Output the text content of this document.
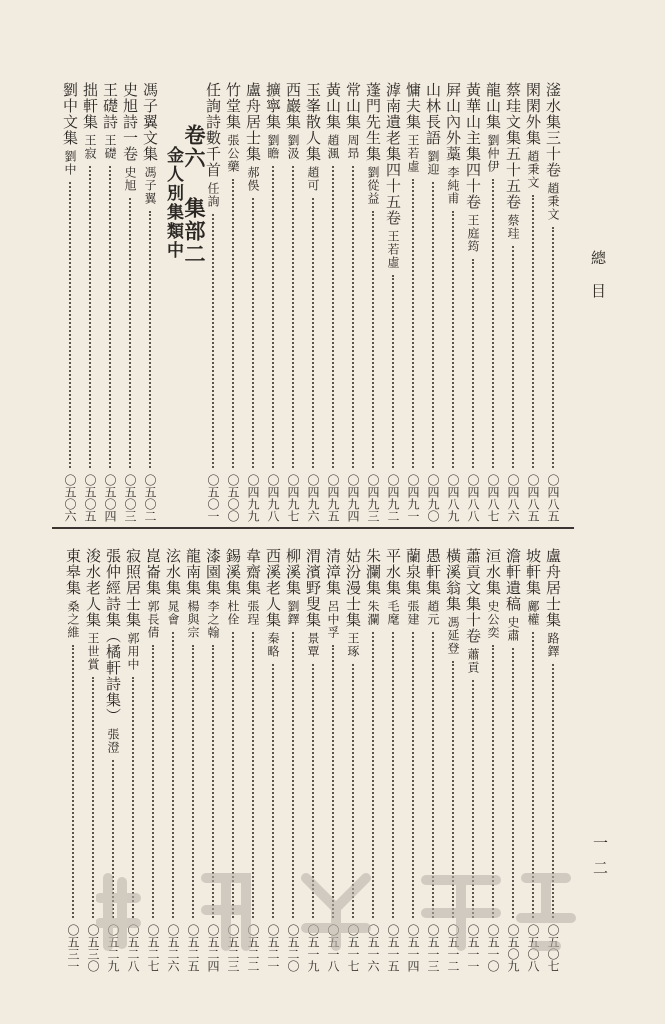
總目
一二
滏水集三十卷趙秉文
〇四八五
閑閑外集趙秉文
〇四八五
蔡珪文集五十五卷蔡珪
〇四八六
龍山集劉仲伊
〇四八七
黃華山主集四十卷王庭筠
〇四八八
屛山內外藁李純甫
〇四八九
山林長語劉迎
〇四九〇
慵夫集王若虛
〇四九一
滹南遺老集四十五卷王若虛
〇四九二
蓬門先生集劉從益
〇四九三
常山集周昻
〇四九四
黃山集趙渢
〇四九五
玉峯散人集趙可
〇四九六
西巖集劉汲
〇四九七
擴寧集劉瞻
〇四九八
盧舟居士集郝俁
〇四九九
竹堂集張公藥
〇五〇〇
任詢詩數千首任詢
〇五〇一
馮子翼文集馮子翼
〇五〇二
史旭詩一卷史旭
〇五〇三
王礎詩王礎
〇五〇四
拙軒集王寂
〇五〇五
劉中文集劉中
〇五〇六
卷六 集部二
金人別集類中
盧舟居士集路鐸
〇五〇七
坡軒集鄺權
〇五〇八
澹軒遺稿史肅
〇五〇九
洹水集史公奕
〇五一〇
蕭貢文集十卷蕭貢
〇五一一
橫溪翁集馮延登
〇五一二
愚軒集趙元
〇五一三
蘭泉集張建
〇五一四
平水集毛麾
〇五一五
朱瀾集朱瀾
〇五一六
姑汾漫士集王琢
〇五一七
清漳集呂中孚
〇五一八
渭濱野叟集景覃
〇五一九
柳溪集劉鐸
〇五二〇
西溪老人集秦略
〇五二一
韋齋集張珵
〇五二二
錫溪集杜佺
〇五二三
漆園集李之翰
〇五二四
龍南集楊與宗
〇五二五
泫水集晁會
〇五二六
崑崙集郭長倩
〇五二七
寂照居士集郭用中
〇五二八
張仲經詩集（橘軒詩集）張澄
〇五二九
浚水老人集王世賞
〇五三〇
東皋集桑之維
〇五三一
